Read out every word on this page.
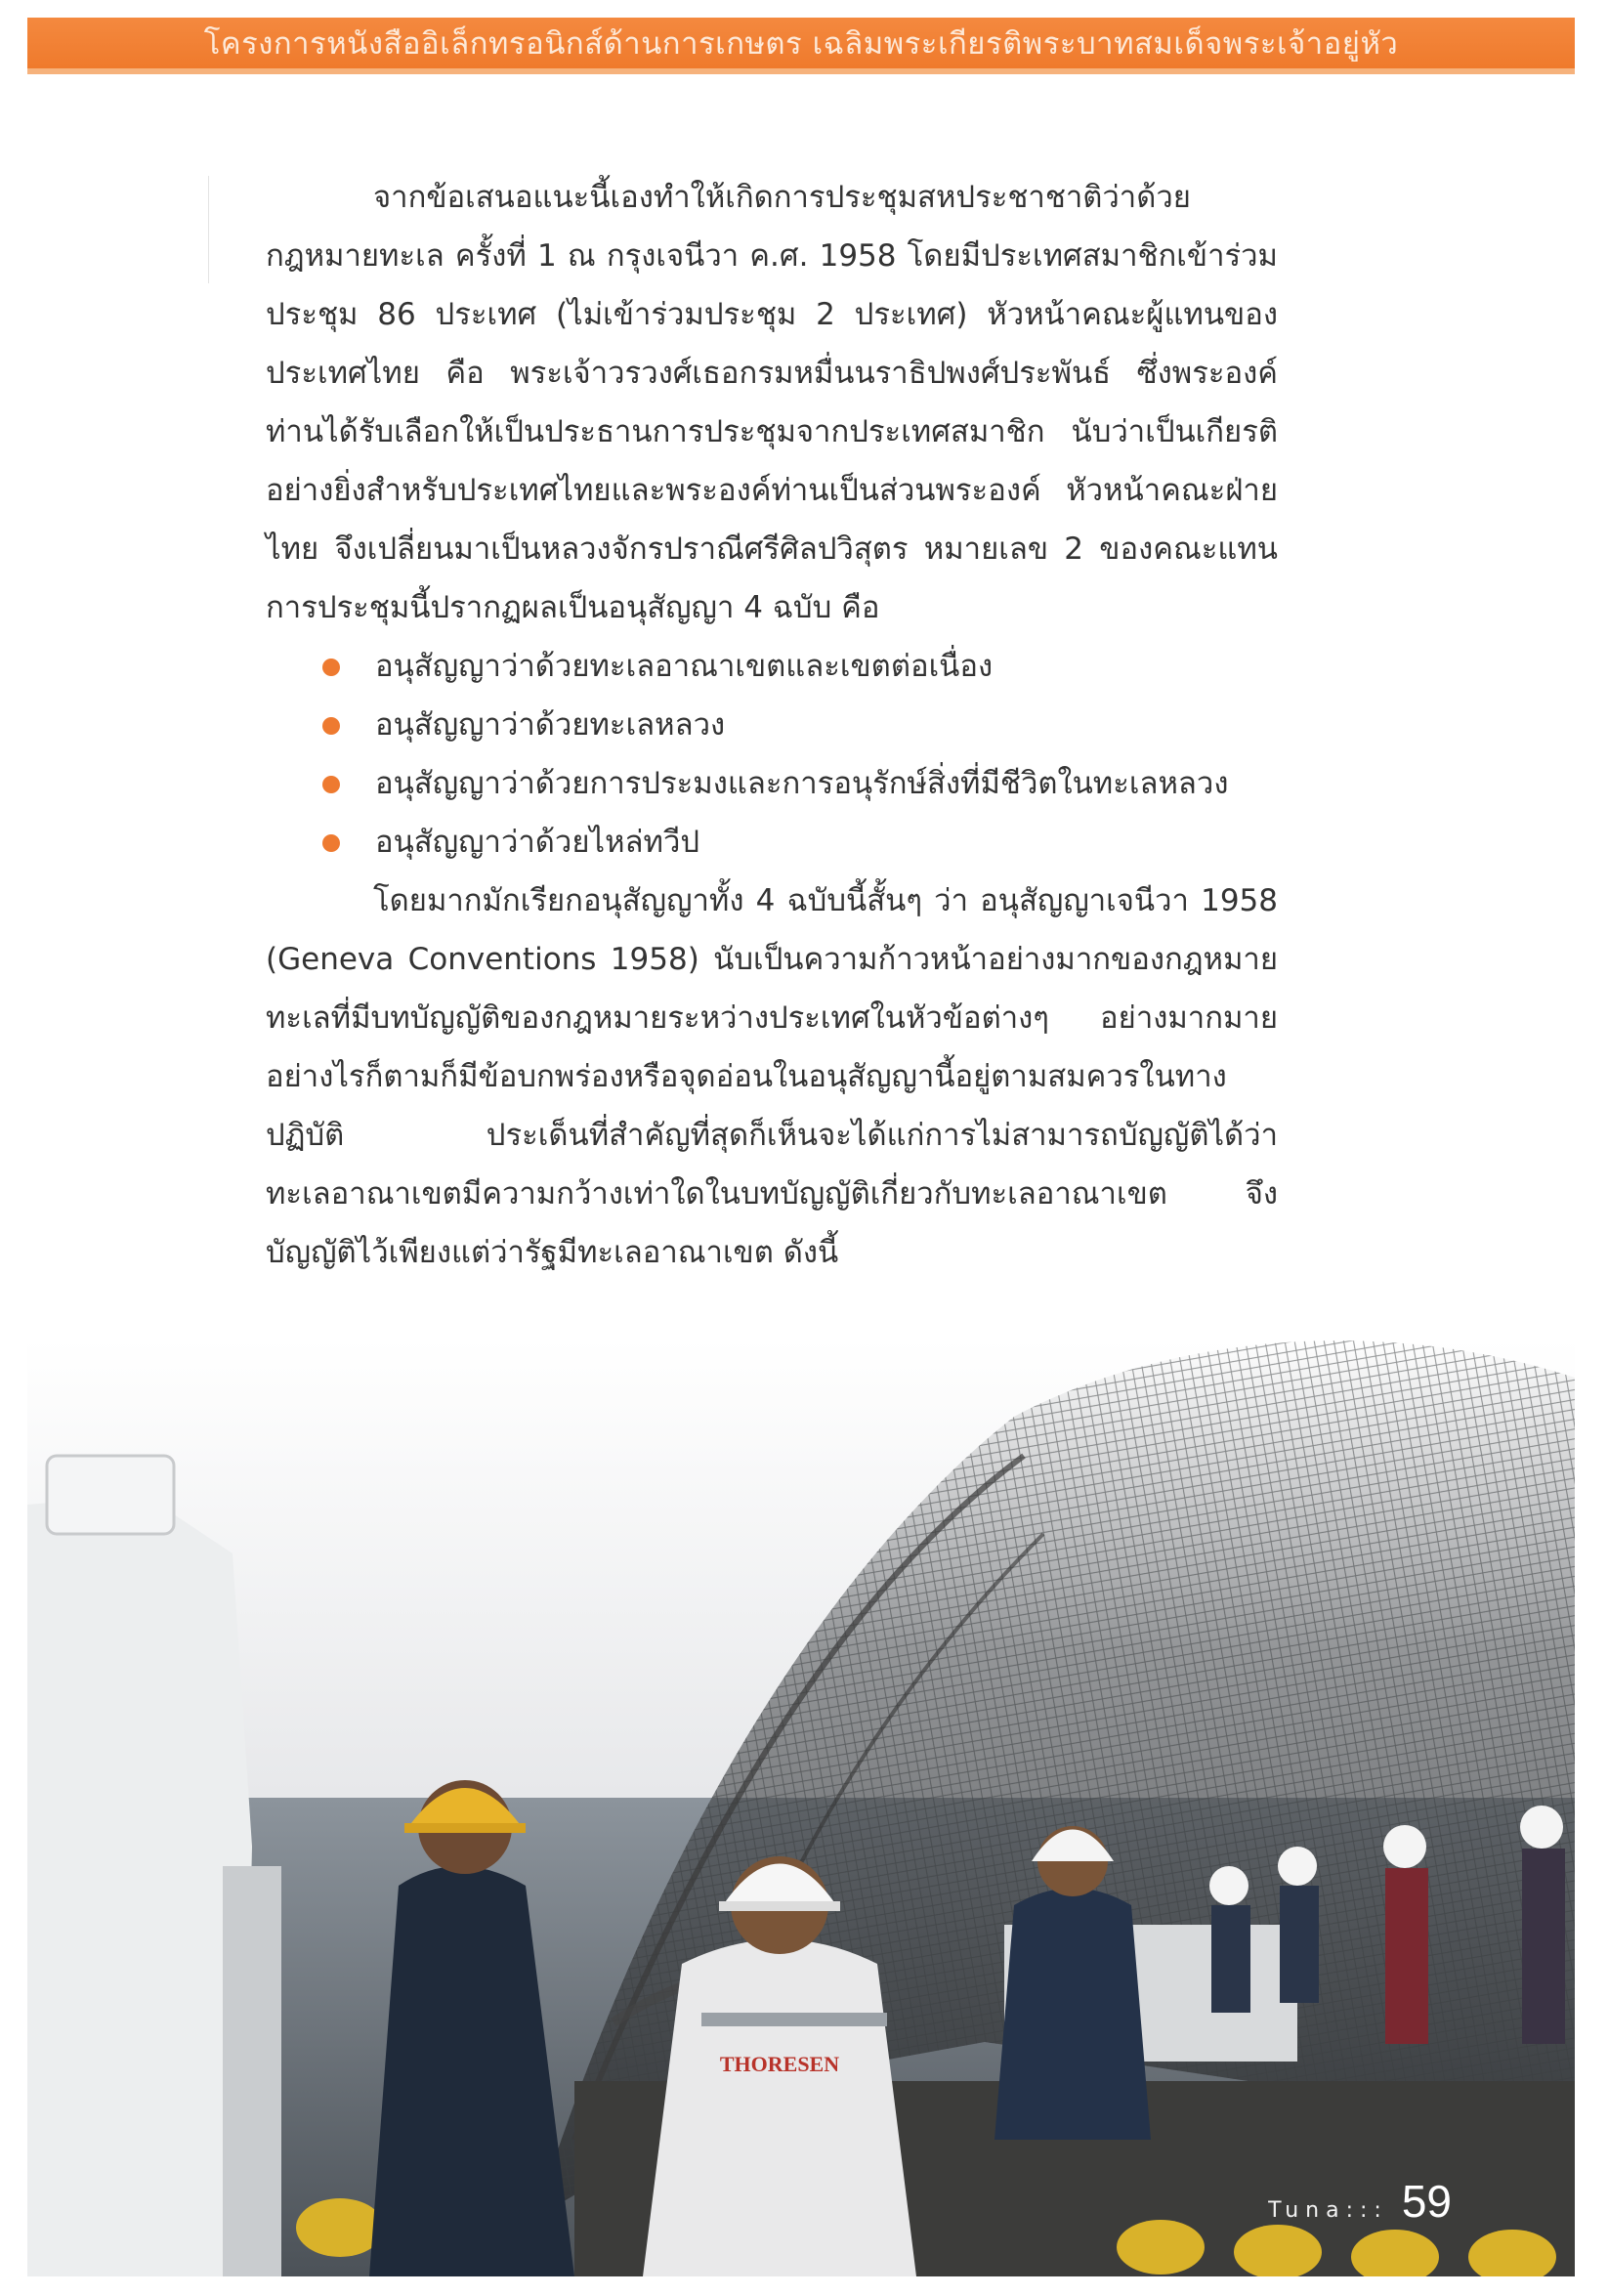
โครงการหนังสืออิเล็กทรอนิกส์ด้านการเกษตร เฉลิมพระเกียรติพระบาทสมเด็จพระเจ้าอยู่หัว

จากข้อเสนอแนะนี้เองทำให้เกิดการประชุมสหประชาชาติว่าด้วยกฎหมายทะเล ครั้งที่ 1 ณ กรุงเจนีวา ค.ศ. 1958 โดยมีประเทศสมาชิกเข้าร่วมประชุม 86 ประเทศ (ไม่เข้าร่วมประชุม 2 ประเทศ) หัวหน้าคณะผู้แทนของประเทศไทย คือ พระเจ้าวรวงศ์เธอกรมหมื่นนราธิปพงศ์ประพันธ์ ซึ่งพระองค์ท่านได้รับเลือกให้เป็นประธานการประชุมจากประเทศสมาชิก นับว่าเป็นเกียรติอย่างยิ่งสำหรับประเทศไทยและพระองค์ท่านเป็นส่วนพระองค์ หัวหน้าคณะฝ่ายไทย จึงเปลี่ยนมาเป็นหลวงจักรปราณีศรีศิลปวิสุตร หมายเลข 2 ของคณะแทนการประชุมนี้ปรากฏผลเป็นอนุสัญญา 4 ฉบับ คือ

อนุสัญญาว่าด้วยทะเลอาณาเขตและเขตต่อเนื่อง
อนุสัญญาว่าด้วยทะเลหลวง
อนุสัญญาว่าด้วยการประมงและการอนุรักษ์สิ่งที่มีชีวิตในทะเลหลวง
อนุสัญญาว่าด้วยไหล่ทวีป

โดยมากมักเรียกอนุสัญญาทั้ง 4 ฉบับนี้สั้นๆ ว่า อนุสัญญาเจนีวา 1958 (Geneva Conventions 1958) นับเป็นความก้าวหน้าอย่างมากของกฎหมายทะเลที่มีบทบัญญัติของกฎหมายระหว่างประเทศในหัวข้อต่างๆ อย่างมากมาย อย่างไรก็ตามก็มีข้อบกพร่องหรือจุดอ่อนในอนุสัญญานี้อยู่ตามสมควรในทางปฏิบัติ ประเด็นที่สำคัญที่สุดก็เห็นจะได้แก่การไม่สามารถบัญญัติได้ว่า ทะเลอาณาเขตมีความกว้างเท่าใดในบทบัญญัติเกี่ยวกับทะเลอาณาเขต จึงบัญญัติไว้เพียงแต่ว่ารัฐมีทะเลอาณาเขต ดังนี้

THORESEN
Tuna::: 59
